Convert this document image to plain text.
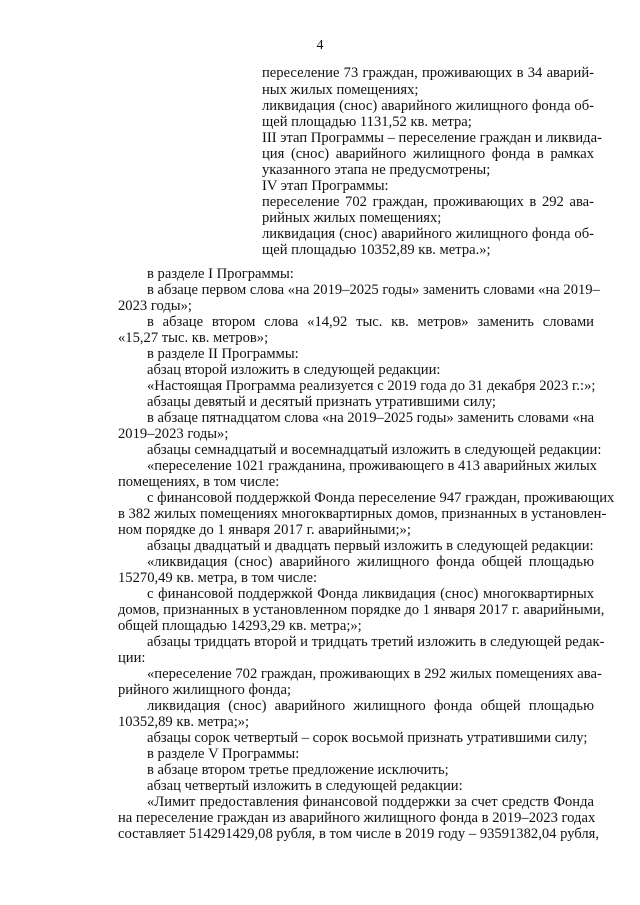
4
переселение 73 граждан, проживающих в 34 аварий-
ных жилых помещениях;
ликвидация (снос) аварийного жилищного фонда об-
щей площадью 1131,52 кв. метра;
III этап Программы – переселение граждан и ликвида-
ция (снос) аварийного жилищного фонда в рамках
указанного этапа не предусмотрены;
IV этап Программы:
переселение 702 граждан, проживающих в 292 ава-
рийных жилых помещениях;
ликвидация (снос) аварийного жилищного фонда об-
щей площадью 10352,89 кв. метра.»;
в разделе I Программы:
в абзаце первом слова «на 2019–2025 годы» заменить словами «на 2019–
2023 годы»;
в абзаце втором слова «14,92 тыс. кв. метров» заменить словами
«15,27 тыс. кв. метров»;
в разделе II Программы:
абзац второй изложить в следующей редакции:
«Настоящая Программа реализуется с 2019 года до 31 декабря 2023 г.:»;
абзацы девятый и десятый признать утратившими силу;
в абзаце пятнадцатом слова «на 2019–2025 годы» заменить словами «на
2019–2023 годы»;
абзацы семнадцатый и восемнадцатый изложить в следующей редакции:
«переселение 1021 гражданина, проживающего в 413 аварийных жилых
помещениях, в том числе:
с финансовой поддержкой Фонда переселение 947 граждан, проживающих
в 382 жилых помещениях многоквартирных домов, признанных в установлен-
ном порядке до 1 января 2017 г. аварийными;»;
абзацы двадцатый и двадцать первый изложить в следующей редакции:
«ликвидация (снос) аварийного жилищного фонда общей площадью
15270,49 кв. метра, в том числе:
с финансовой поддержкой Фонда ликвидация (снос) многоквартирных
домов, признанных в установленном порядке до 1 января 2017 г. аварийными,
общей площадью 14293,29 кв. метра;»;
абзацы тридцать второй и тридцать третий изложить в следующей редак-
ции:
«переселение 702 граждан, проживающих в 292 жилых помещениях ава-
рийного жилищного фонда;
ликвидация (снос) аварийного жилищного фонда общей площадью
10352,89 кв. метра;»;
абзацы сорок четвертый – сорок восьмой признать утратившими силу;
в разделе V Программы:
в абзаце втором третье предложение исключить;
абзац четвертый изложить в следующей редакции:
«Лимит предоставления финансовой поддержки за счет средств Фонда
на переселение граждан из аварийного жилищного фонда в 2019–2023 годах
составляет 514291429,08 рубля, в том числе в 2019 году – 93591382,04 рубля,
